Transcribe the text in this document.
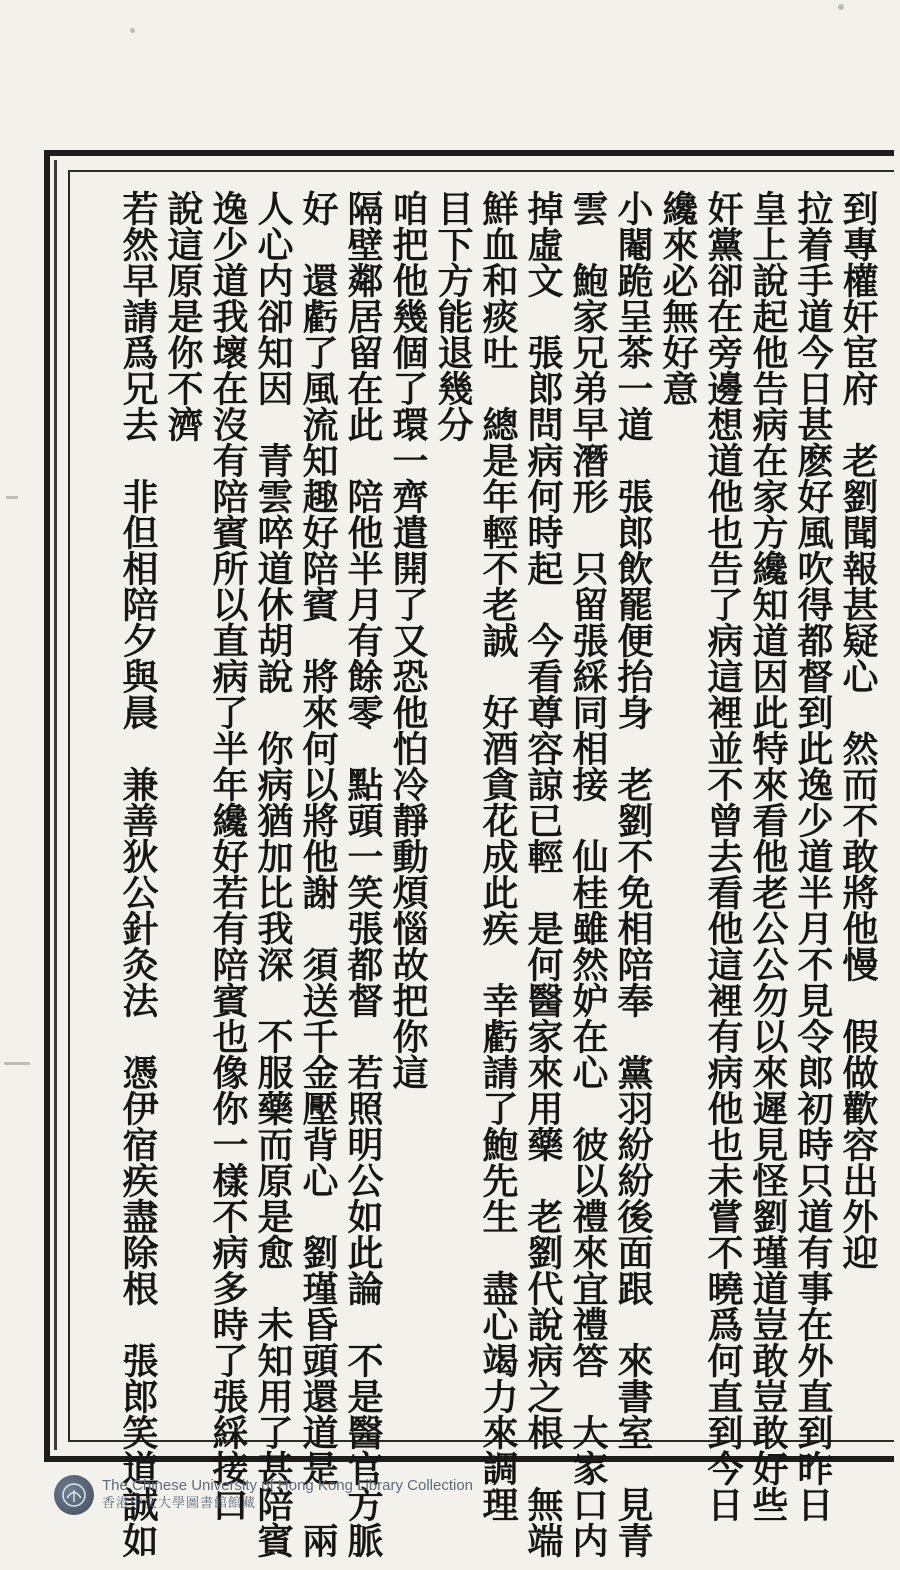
到專權奸宦府　老劉聞報甚疑心　然而不敢將他慢　假做歡容出外迎
拉着手道今日甚麽好風吹得都督到此逸少道半月不見令郎初時只道有事在外直到昨日
皇上說起他告病在家方纔知道因此特來看他老公公勿以來遲見怪劉瑾道豈敢豈敢好些
奸黨卻在旁邊想道他也告了病這裡並不曾去看他這裡有病他也未嘗不曉爲何直到今日
纔來必無好意
小閹跪呈茶一道　張郎飲罷便抬身　老劉不免相陪奉　黨羽紛紛後面跟　來書室　見青
雲　鮑家兄弟早潛形　只留張綵同相接　仙桂雖然妒在心　彼以禮來宜禮答　大家口内
掉虛文　張郎問病何時起　今看尊容諒已輕　是何醫家來用藥　老劉代說病之根　無端
鮮血和痰吐　總是年輕不老誠　好酒貪花成此疾　幸虧請了鮑先生　盡心竭力來調理
目下方能退幾分
咱把他幾個了環一齊遣開了又恐他怕冷靜動煩惱故把你這
隔壁鄰居留在此　陪他半月有餘零　點頭一笑張都督　若照明公如此論　不是醫官方脈
好　還虧了風流知趣好陪賓　將來何以將他謝　須送千金壓背心　劉瑾昏頭還道是　兩
人心内卻知因　青雲啐道休胡說　你病猶加比我深　不服藥而原是愈　未知用了甚陪賓
逸少道我壞在沒有陪賓所以直病了半年纔好若有陪賓也像你一樣不病多時了張綵接口
說這原是你不濟
若然早請爲兄去　非但相陪夕與晨　兼善狄公針灸法　憑伊宿疾盡除根　張郎笑道誠如
The Chinese University of Hong Kong Library Collection
香港中文大學圖書館館藏
